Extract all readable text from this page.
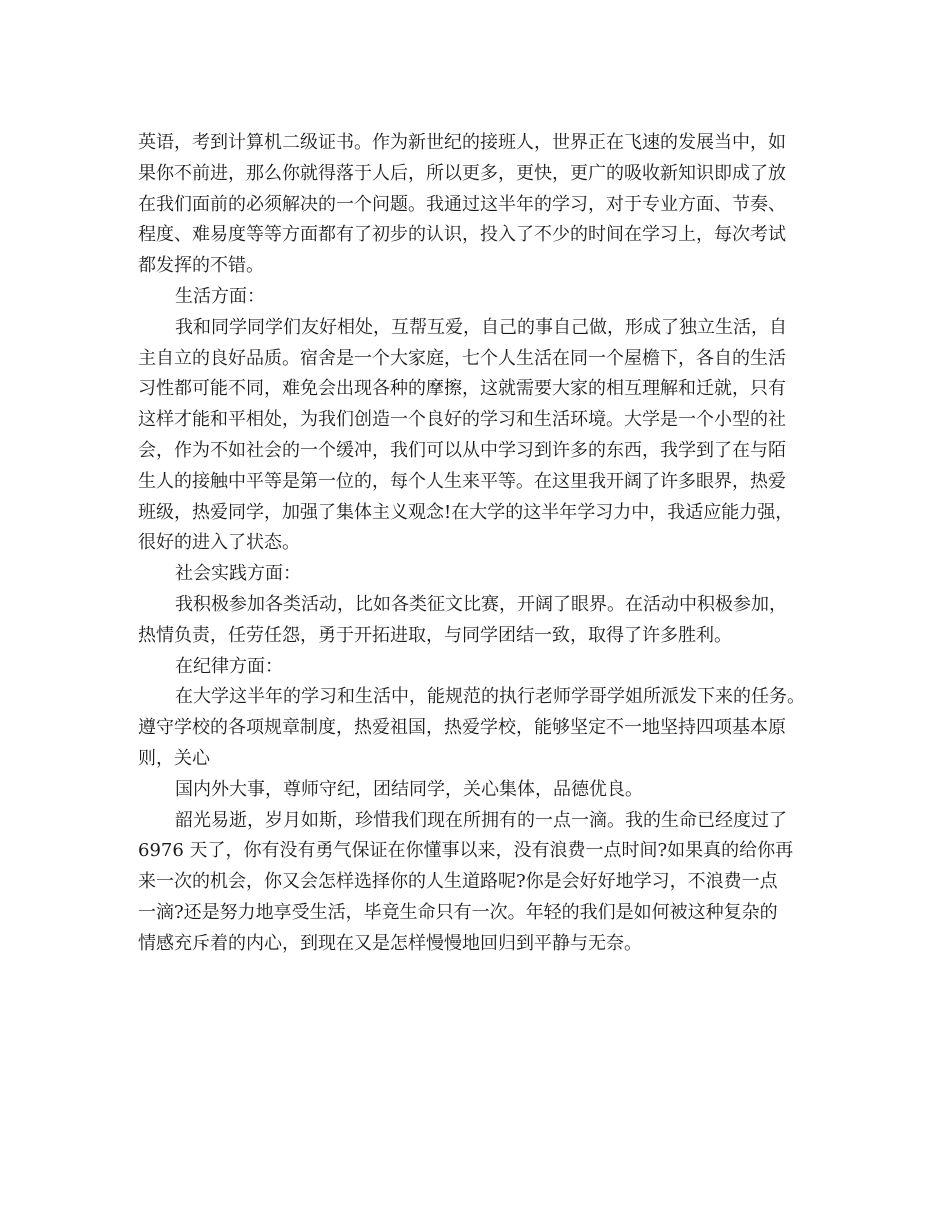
英语，考到计算机二级证书。作为新世纪的接班人，世界正在飞速的发展当中，如
果你不前进，那么你就得落于人后，所以更多，更快，更广的吸收新知识即成了放
在我们面前的必须解决的一个问题。我通过这半年的学习，对于专业方面、节奏、
程度、难易度等等方面都有了初步的认识，投入了不少的时间在学习上，每次考试
都发挥的不错。
生活方面：
我和同学同学们友好相处，互帮互爱，自己的事自己做，形成了独立生活，自
主自立的良好品质。宿舍是一个大家庭，七个人生活在同一个屋檐下，各自的生活
习性都可能不同，难免会出现各种的摩擦，这就需要大家的相互理解和迁就，只有
这样才能和平相处，为我们创造一个良好的学习和生活环境。大学是一个小型的社
会，作为不如社会的一个缓冲，我们可以从中学习到许多的东西，我学到了在与陌
生人的接触中平等是第一位的，每个人生来平等。在这里我开阔了许多眼界，热爱
班级，热爱同学，加强了集体主义观念!在大学的这半年学习力中，我适应能力强，
很好的进入了状态。
社会实践方面：
我积极参加各类活动，比如各类征文比赛，开阔了眼界。在活动中积极参加，
热情负责，任劳任怨，勇于开拓进取，与同学团结一致，取得了许多胜利。
在纪律方面：
在大学这半年的学习和生活中，能规范的执行老师学哥学姐所派发下来的任务。
遵守学校的各项规章制度，热爱祖国，热爱学校，能够坚定不一地坚持四项基本原
则，关心
国内外大事，尊师守纪，团结同学，关心集体，品德优良。
韶光易逝，岁月如斯，珍惜我们现在所拥有的一点一滴。我的生命已经度过了
6976 天了，你有没有勇气保证在你懂事以来，没有浪费一点时间?如果真的给你再
来一次的机会，你又会怎样选择你的人生道路呢?你是会好好地学习，不浪费一点
一滴?还是努力地享受生活，毕竟生命只有一次。年轻的我们是如何被这种复杂的
情感充斥着的内心，到现在又是怎样慢慢地回归到平静与无奈。
